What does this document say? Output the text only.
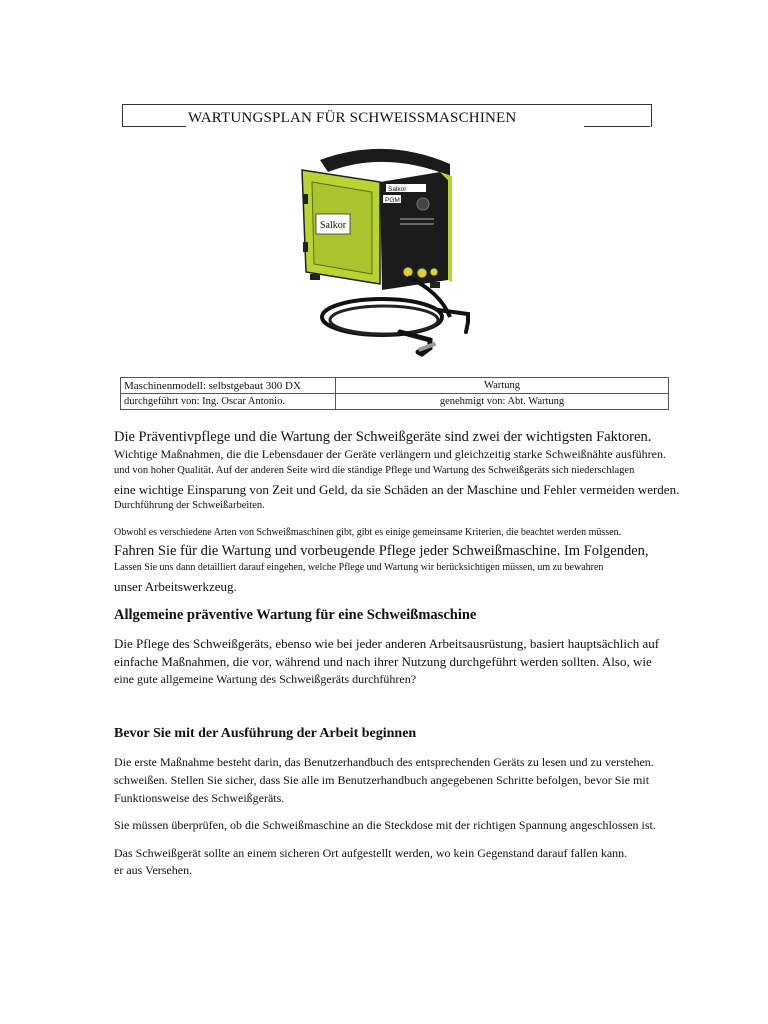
WARTUNGSPLAN FÜR SCHWEISSMASCHINEN
Salkor
Salkor
PGM
Maschinenmodell: selbstgebaut 300 DX	Wartung
durchgeführt von: Ing. Oscar Antonio.	genehmigt von: Abt. Wartung
Die Präventivpflege und die Wartung der Schweißgeräte sind zwei der wichtigsten Faktoren.
Wichtige Maßnahmen, die die Lebensdauer der Geräte verlängern und gleichzeitig starke Schweißnähte ausführen.
und von hoher Qualität. Auf der anderen Seite wird die ständige Pflege und Wartung des Schweißgeräts sich niederschlagen
eine wichtige Einsparung von Zeit und Geld, da sie Schäden an der Maschine und Fehler vermeiden werden.
Durchführung der Schweißarbeiten.
Obwohl es verschiedene Arten von Schweißmaschinen gibt, gibt es einige gemeinsame Kriterien, die beachtet werden müssen.
Fahren Sie für die Wartung und vorbeugende Pflege jeder Schweißmaschine. Im Folgenden,
Lassen Sie uns dann detailliert darauf eingehen, welche Pflege und Wartung wir berücksichtigen müssen, um zu bewahren
unser Arbeitswerkzeug.
Allgemeine präventive Wartung für eine Schweißmaschine
Die Pflege des Schweißgeräts, ebenso wie bei jeder anderen Arbeitsausrüstung, basiert hauptsächlich auf
einfache Maßnahmen, die vor, während und nach ihrer Nutzung durchgeführt werden sollten. Also, wie
eine gute allgemeine Wartung des Schweißgeräts durchführen?
Bevor Sie mit der Ausführung der Arbeit beginnen
Die erste Maßnahme besteht darin, das Benutzerhandbuch des entsprechenden Geräts zu lesen und zu verstehen.
schweißen. Stellen Sie sicher, dass Sie alle im Benutzerhandbuch angegebenen Schritte befolgen, bevor Sie mit
Funktionsweise des Schweißgeräts.
Sie müssen überprüfen, ob die Schweißmaschine an die Steckdose mit der richtigen Spannung angeschlossen ist.
Das Schweißgerät sollte an einem sicheren Ort aufgestellt werden, wo kein Gegenstand darauf fallen kann.
er aus Versehen.
